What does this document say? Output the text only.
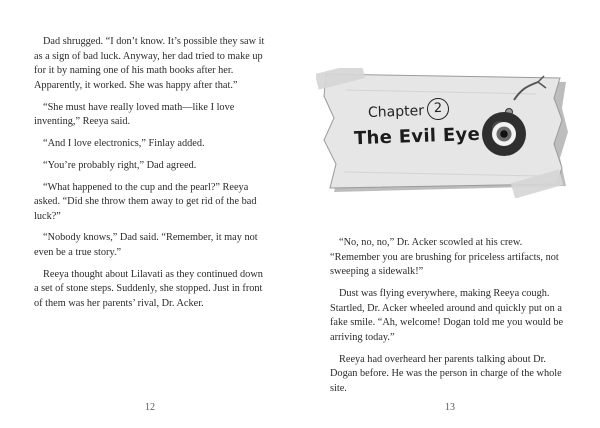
Dad shrugged. “I don’t know. It’s possible they saw it as a sign of bad luck. Anyway, her dad tried to make up for it by naming one of his math books after her. Apparently, it worked. She was happy after that.”

“She must have really loved math—like I love inventing,” Reeya said.

“And I love electronics,” Finlay added.

“You’re probably right,” Dad agreed.

“What happened to the cup and the pearl?” Reeya asked. “Did she throw them away to get rid of the bad luck?”

“Nobody knows,” Dad said. “Remember, it may not even be a true story.”

Reeya thought about Lilavati as they continued down a set of stone steps. Suddenly, she stopped. Just in front of them was her parents’ rival, Dr. Acker.

12
Chapter 2
The Evil Eye

“No, no, no,” Dr. Acker scowled at his crew. “Remember you are brushing for priceless artifacts, not sweeping a sidewalk!”

Dust was flying everywhere, making Reeya cough. Startled, Dr. Acker wheeled around and quickly put on a fake smile. “Ah, welcome! Dogan told me you would be arriving today.”

Reeya had overheard her parents talking about Dr. Dogan before. He was the person in charge of the whole site.

13
